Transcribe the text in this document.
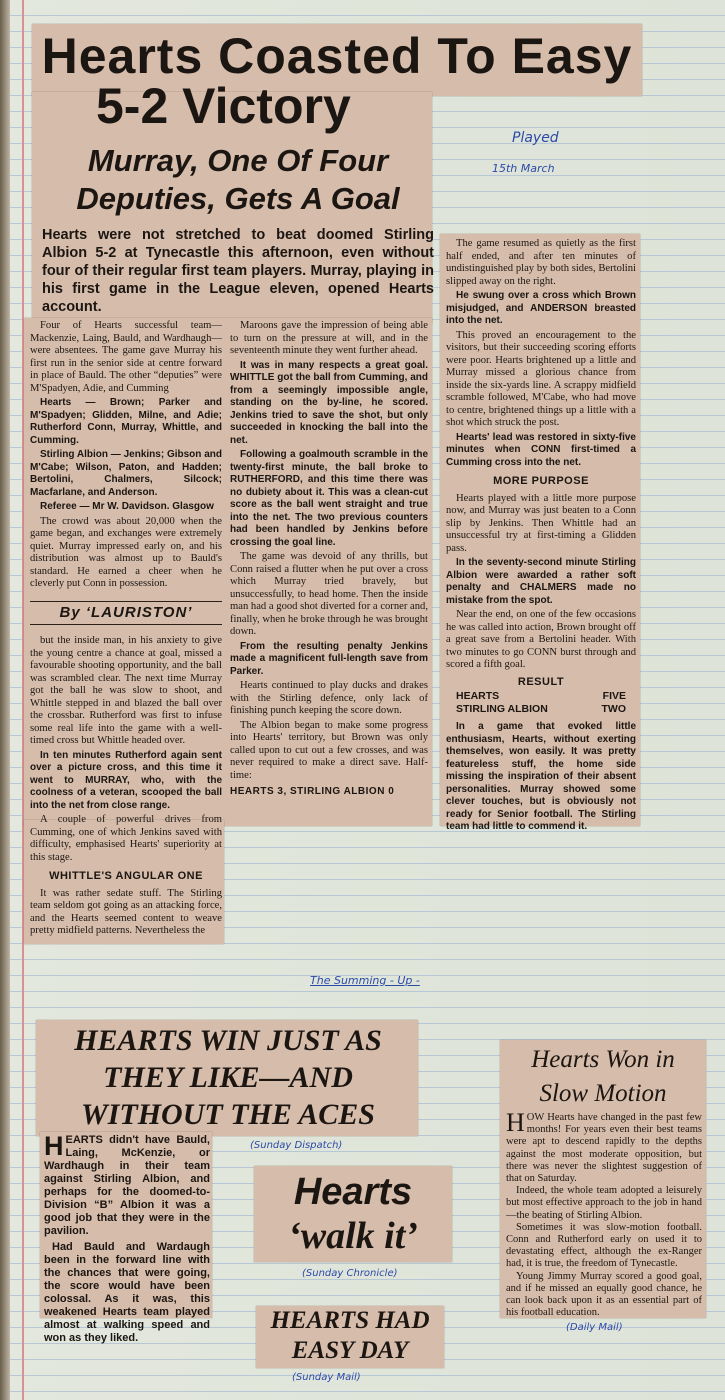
Hearts Coasted To Easy
5-2 Victory
Murray, One Of Four Deputies, Gets A Goal
Hearts were not stretched to beat doomed Stirling Albion 5-2 at Tynecastle this afternoon, even without four of their regular first team players. Murray, playing in his first game in the League eleven, opened Hearts account.

Four of Hearts successful team—Mackenzie, Laing, Bauld, and Wardhaugh—were absentees. The game gave Murray his first run in the senior side at centre forward in place of Bauld. The other “deputies” were M'Spadyen, Adie, and Cumming

Hearts — Brown; Parker and M'Spadyen; Glidden, Milne, and Adie; Rutherford Conn, Murray, Whittle, and Cumming.

Stirling Albion — Jenkins; Gibson and M'Cabe; Wilson, Paton, and Hadden; Bertolini, Chalmers, Silcock; Macfarlane, and Anderson.

Referee — Mr W. Davidson. Glasgow

The crowd was about 20,000 when the game began, and exchanges were extremely quiet. Murray impressed early on, and his distribution was almost up to Bauld's standard. He earned a cheer when he cleverly put Conn in possession.

By ‘LAURISTON’

but the inside man, in his anxiety to give the young centre a chance at goal, missed a favourable shooting opportunity, and the ball was scrambled clear. The next time Murray got the ball he was slow to shoot, and Whittle stepped in and blazed the ball over the crossbar. Rutherford was first to infuse some real life into the game with a well-timed cross but Whittle headed over.

In ten minutes Rutherford again sent over a picture cross, and this time it went to MURRAY, who, with the coolness of a veteran, scooped the ball into the net from close range.

A couple of powerful drives from Cumming, one of which Jenkins saved with difficulty, emphasised Hearts' superiority at this stage.

WHITTLE'S ANGULAR ONE

It was rather sedate stuff. The Stirling team seldom got going as an attacking force, and the Hearts seemed content to weave pretty midfield patterns. Nevertheless the

Maroons gave the impression of being able to turn on the pressure at will, and in the seventeenth minute they went further ahead.

It was in many respects a great goal. WHITTLE got the ball from Cumming, and from a seemingly impossible angle, standing on the by-line, he scored. Jenkins tried to save the shot, but only succeeded in knocking the ball into the net.

Following a goalmouth scramble in the twenty-first minute, the ball broke to RUTHERFORD, and this time there was no dubiety about it. This was a clean-cut score as the ball went straight and true into the net. The two previous counters had been handled by Jenkins before crossing the goal line.

The game was devoid of any thrills, but Conn raised a flutter when he put over a cross which Murray tried bravely, but unsuccessfully, to head home. Then the inside man had a good shot diverted for a corner and, finally, when he broke through he was brought down.

From the resulting penalty Jenkins made a magnificent full-length save from Parker.

Hearts continued to play ducks and drakes with the Stirling defence, only lack of finishing punch keeping the score down.

The Albion began to make some progress into Hearts' territory, but Brown was only called upon to cut out a few crosses, and was never required to make a direct save. Half-time:

HEARTS 3, STIRLING ALBION 0

The game resumed as quietly as the first half ended, and after ten minutes of undistinguished play by both sides, Bertolini slipped away on the right.

He swung over a cross which Brown misjudged, and ANDERSON breasted into the net.

This proved an encouragement to the visitors, but their succeeding scoring efforts were poor. Hearts brightened up a little and Murray missed a glorious chance from inside the six-yards line. A scrappy midfield scramble followed, M'Cabe, who had move to centre, brightened things up a little with a shot which struck the post.

Hearts' lead was restored in sixty-five minutes when CONN first-timed a Cumming cross into the net.

MORE PURPOSE

Hearts played with a little more purpose now, and Murray was just beaten to a Conn slip by Jenkins. Then Whittle had an unsuccessful try at first-timing a Glidden pass.

In the seventy-second minute Stirling Albion were awarded a rather soft penalty and CHALMERS made no mistake from the spot.

Near the end, on one of the few occasions he was called into action, Brown brought off a great save from a Bertolini header. With two minutes to go CONN burst through and scored a fifth goal.

RESULT
HEARTS	FIVE
STIRLING ALBION	TWO

In a game that evoked little enthusiasm, Hearts, without exerting themselves, won easily. It was pretty featureless stuff, the home side missing the inspiration of their absent personalities. Murray showed some clever touches, but is obviously not ready for Senior football. The Stirling team had little to commend it.

Played
15th March
The Summing - Up -
HEARTS WIN JUST AS THEY LIKE—AND WITHOUT THE ACES
(Sunday Dispatch)
H EARTS didn't have Bauld, Laing, McKenzie, or Wardhaugh in their team against Stirling Albion, and perhaps for the doomed-to-Division “B” Albion it was a good job that they were in the pavilion.
Had Bauld and Wardaugh been in the forward line with the chances that were going, the score would have been colossal. As it was, this weakened Hearts team played almost at walking speed and won as they liked.
Hearts
‘walk it’
(Sunday Chronicle)
HEARTS HAD
EASY DAY
(Sunday Mail)
Hearts Won in
Slow Motion
H OW Hearts have changed in the past few months! For years even their best teams were apt to descend rapidly to the depths against the most moderate opposition, but there was never the slightest suggestion of that on Saturday.
Indeed, the whole team adopted a leisurely but most effective approach to the job in hand—the beating of Stirling Albion.
Sometimes it was slow-motion football. Conn and Rutherford early on used it to devastating effect, although the ex-Ranger had, it is true, the freedom of Tynecastle.
Young Jimmy Murray scored a good goal, and if he missed an equally good chance, he can look back upon it as an essential part of his football education.
(Daily Mail)
